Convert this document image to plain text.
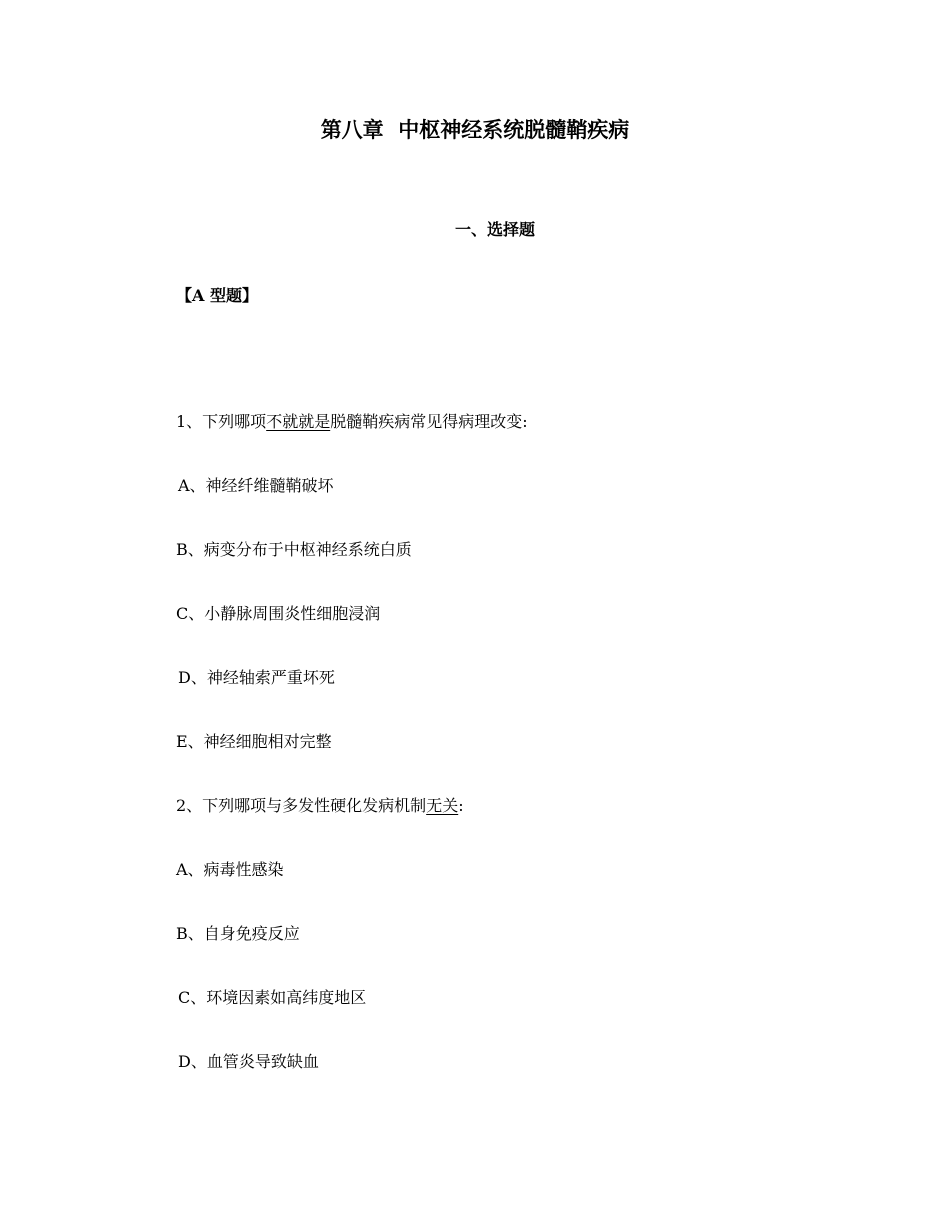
第八章  中枢神经系统脱髓鞘疾病
一、选择题
【A 型题】
1、下列哪项不就就是脱髓鞘疾病常见得病理改变:
A、神经纤维髓鞘破坏
B、病变分布于中枢神经系统白质
C、小静脉周围炎性细胞浸润
D、神经轴索严重坏死
E、神经细胞相对完整
2、下列哪项与多发性硬化发病机制无关:
A、病毒性感染
B、自身免疫反应
C、环境因素如高纬度地区
D、血管炎导致缺血
